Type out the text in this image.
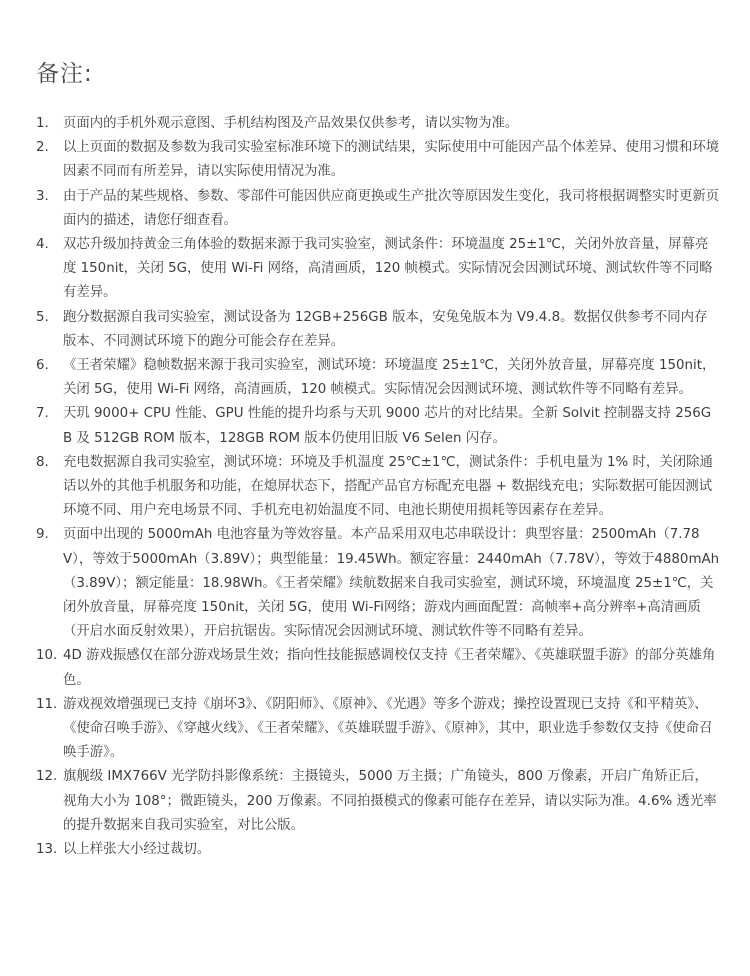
备注:
1.	页面内的手机外观示意图、手机结构图及产品效果仅供参考，请以实物为准。
2.	以上页面的数据及参数为我司实验室标准环境下的测试结果，实际使用中可能因产品个体差异、使用习惯和环境因素不同而有所差异，请以实际使用情况为准。
3.	由于产品的某些规格、参数、零部件可能因供应商更换或生产批次等原因发生变化，我司将根据调整实时更新页面内的描述，请您仔细查看。
4.	双芯升级加持黄金三角体验的数据来源于我司实验室，测试条件：环境温度 25±1℃，关闭外放音量，屏幕亮度 150nit，关闭 5G，使用 Wi-Fi 网络，高清画质，120 帧模式。实际情况会因测试环境、测试软件等不同略有差异。
5.	跑分数据源自我司实验室，测试设备为 12GB+256GB 版本，安兔兔版本为 V9.4.8。数据仅供参考不同内存版本、不同测试环境下的跑分可能会存在差异。
6.	《王者荣耀》稳帧数据来源于我司实验室，测试环境：环境温度 25±1℃，关闭外放音量，屏幕亮度 150nit，关闭 5G，使用 Wi-Fi 网络，高清画质，120 帧模式。实际情况会因测试环境、测试软件等不同略有差异。
7.	天玑 9000+ CPU 性能、GPU 性能的提升均系与天玑 9000 芯片的对比结果。全新 Solvit 控制器支持 256GB 及 512GB ROM 版本，128GB ROM 版本仍使用旧版 V6 Selen 闪存。
8.	充电数据源自我司实验室，测试环境：环境及手机温度 25℃±1℃，测试条件：手机电量为 1% 时，关闭除通话以外的其他手机服务和功能，在熄屏状态下，搭配产品官方标配充电器 + 数据线充电；实际数据可能因测试环境不同、用户充电场景不同、手机充电初始温度不同、电池长期使用损耗等因素存在差异。
9.	页面中出现的 5000mAh 电池容量为等效容量。本产品采用双电芯串联设计：典型容量：2500mAh（7.78V），等效于5000mAh（3.89V）；典型能量：19.45Wh。额定容量：2440mAh（7.78V），等效于4880mAh（3.89V）；额定能量：18.98Wh。《王者荣耀》续航数据来自我司实验室，测试环境，环境温度 25±1℃，关闭外放音量，屏幕亮度 150nit，关闭 5G，使用 Wi-Fi网络；游戏内画面配置：高帧率+高分辨率+高清画质（开启水面反射效果），开启抗锯齿。实际情况会因测试环境、测试软件等不同略有差异。
10. 4D 游戏振感仅在部分游戏场景生效；指向性技能振感调校仅支持《王者荣耀》、《英雄联盟手游》的部分英雄角色。
11. 游戏视效增强现已支持《崩坏3》、《阴阳师》、《原神》、《光遇》等多个游戏；操控设置现已支持《和平精英》、《使命召唤手游》、《穿越火线》、《王者荣耀》、《英雄联盟手游》、《原神》，其中，职业选手参数仅支持《使命召唤手游》。
12. 旗舰级 IMX766V 光学防抖影像系统：主摄镜头，5000 万主摄；广角镜头，800 万像素，开启广角矫正后，视角大小为 108°；微距镜头，200 万像素。不同拍摄模式的像素可能存在差异，请以实际为准。4.6% 透光率的提升数据来自我司实验室，对比公版。
13. 以上样张大小经过裁切。
